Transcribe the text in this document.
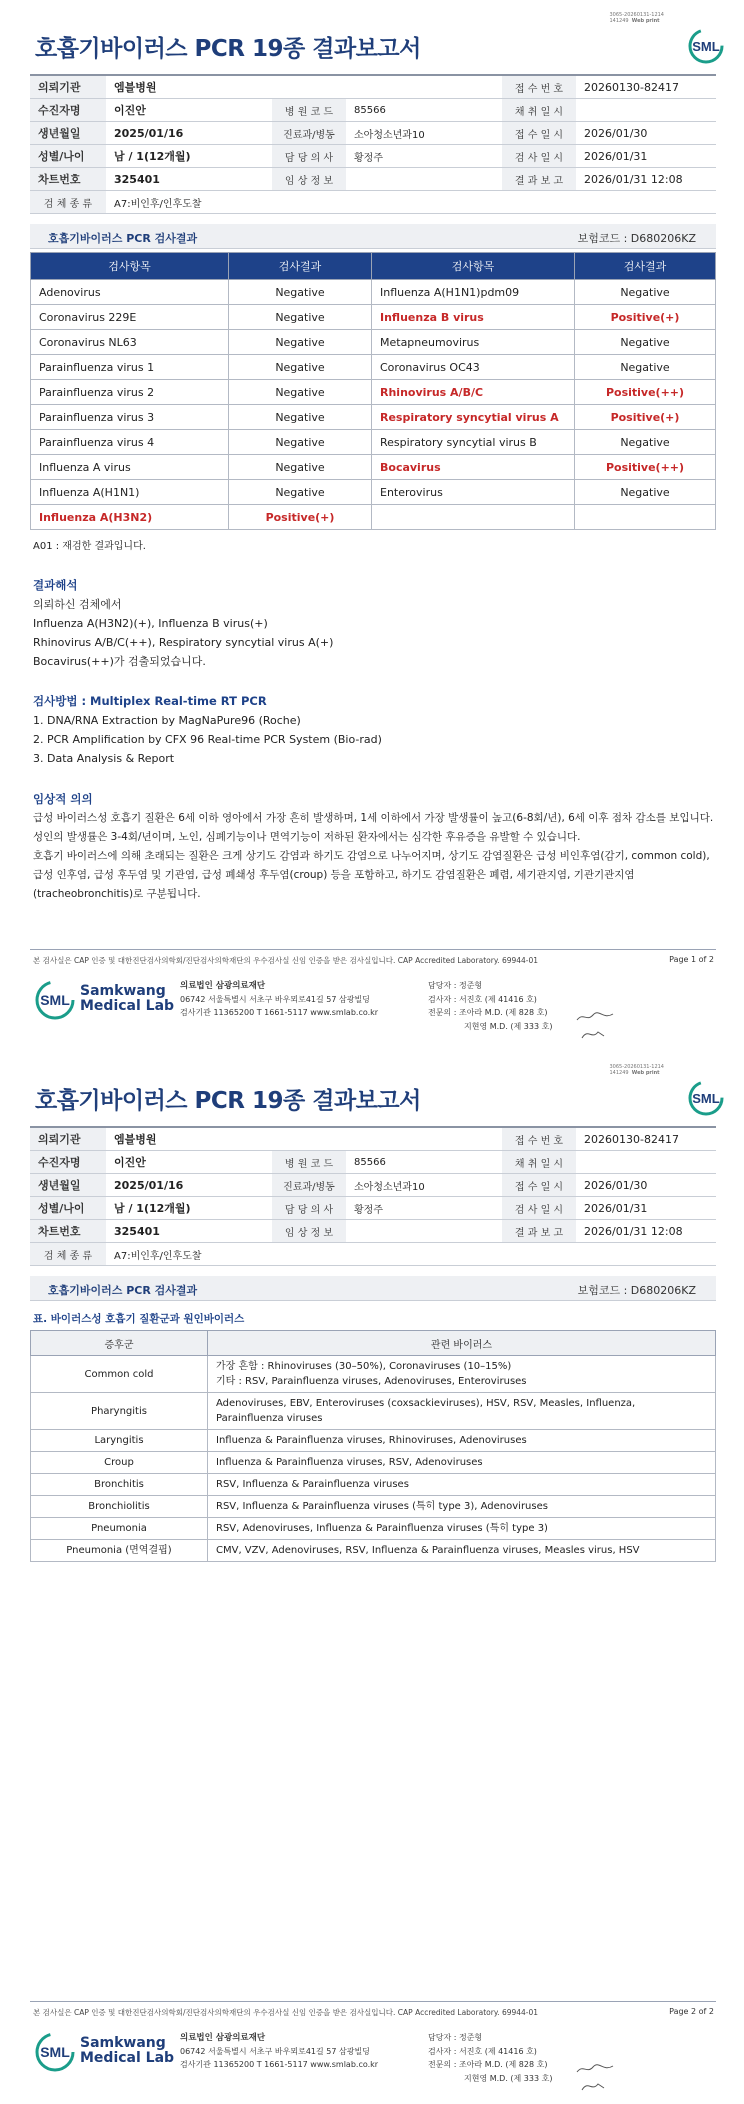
3065-20260131-1214
141249 Web print
호흡기바이러스 PCR 19종 결과보고서	SML
의뢰기관	엠블병원			접 수 번 호	20260130-82417
수진자명	이진안	병 원 코 드	85566	채 취 일 시	
생년월일	2025/01/16	진료과/병동	소아청소년과10	접 수 일 시	2026/01/30
성별/나이	남 / 1(12개월)	담 당 의 사	황정주	검 사 일 시	2026/01/31
차트번호	325401	임 상 정 보		결 과 보 고	2026/01/31 12:08
검 체 종 류	A7:비인후/인후도찰				
호흡기바이러스 PCR 검사결과	보험코드 : D680206KZ
검사항목	검사결과	검사항목	검사결과
Adenovirus	Negative	Influenza A(H1N1)pdm09	Negative
Coronavirus 229E	Negative	Influenza B virus	Positive(+)
Coronavirus NL63	Negative	Metapneumovirus	Negative
Parainfluenza virus 1	Negative	Coronavirus OC43	Negative
Parainfluenza virus 2	Negative	Rhinovirus A/B/C	Positive(++)
Parainfluenza virus 3	Negative	Respiratory syncytial virus A	Positive(+)
Parainfluenza virus 4	Negative	Respiratory syncytial virus B	Negative
Influenza A virus	Negative	Bocavirus	Positive(++)
Influenza A(H1N1)	Negative	Enterovirus	Negative
Influenza A(H3N2)	Positive(+)		
A01 : 재검한 결과입니다.
결과해석
의뢰하신 검체에서
Influenza A(H3N2)(+), Influenza B virus(+)
Rhinovirus A/B/C(++), Respiratory syncytial virus A(+)
Bocavirus(++)가 검출되었습니다.
검사방법 : Multiplex Real-time RT PCR
1. DNA/RNA Extraction by MagNaPure96 (Roche)
2. PCR Amplification by CFX 96 Real-time PCR System (Bio-rad)
3. Data Analysis & Report
임상적 의의
급성 바이러스성 호흡기 질환은 6세 이하 영아에서 가장 흔히 발생하며, 1세 이하에서 가장 발생률이 높고(6-8회/년), 6세 이후 점차 감소를 보입니다. 성인의 발생률은 3-4회/년이며, 노인, 심폐기능이나 면역기능이 저하된 환자에서는 심각한 후유증을 유발할 수 있습니다.
호흡기 바이러스에 의해 초래되는 질환은 크게 상기도 감염과 하기도 감염으로 나누어지며, 상기도 감염질환은 급성 비인후염(감기, common cold), 급성 인후염, 급성 후두염 및 기관염, 급성 폐쇄성 후두염(croup) 등을 포함하고, 하기도 감염질환은 폐렴, 세기관지염, 기관기관지염(tracheobronchitis)로 구분됩니다.
본 검사실은 CAP 인증 및 대한진단검사의학회/진단검사의학재단의 우수검사실 신임 인증을 받은 검사실입니다. CAP Accredited Laboratory. 69944-01	Page 1 of 2
SML
Samkwang
Medical Lab
의료법인 삼광의료재단
06742 서울특별시 서초구 바우뫼로41길 57 삼광빌딩
검사기관 11365200 T 1661-5117 www.smlab.co.kr
담당자 : 정준형
검사자 : 서진호 (제 41416 호)
전문의 : 조아라 M.D. (제 828 호)
지현영 M.D. (제 333 호)
3065-20260131-1214
141249 Web print
호흡기바이러스 PCR 19종 결과보고서	SML
의뢰기관	엠블병원			접 수 번 호	20260130-82417
수진자명	이진안	병 원 코 드	85566	채 취 일 시	
생년월일	2025/01/16	진료과/병동	소아청소년과10	접 수 일 시	2026/01/30
성별/나이	남 / 1(12개월)	담 당 의 사	황정주	검 사 일 시	2026/01/31
차트번호	325401	임 상 정 보		결 과 보 고	2026/01/31 12:08
검 체 종 류	A7:비인후/인후도찰				
호흡기바이러스 PCR 검사결과	보험코드 : D680206KZ
표. 바이러스성 호흡기 질환군과 원인바이러스
증후군	관련 바이러스
Common cold	가장 흔함 : Rhinoviruses (30–50%), Coronaviruses (10–15%)
기타 : RSV, Parainfluenza viruses, Adenoviruses, Enteroviruses

Pharyngitis	Adenoviruses, EBV, Enteroviruses (coxsackieviruses), HSV, RSV, Measles, Influenza,
Parainfluenza viruses

Laryngitis	Influenza & Parainfluenza viruses, Rhinoviruses, Adenoviruses

Croup	Influenza & Parainfluenza viruses, RSV, Adenoviruses

Bronchitis	RSV, Influenza & Parainfluenza viruses

Bronchiolitis	RSV, Influenza & Parainfluenza viruses (특히 type 3), Adenoviruses

Pneumonia	RSV, Adenoviruses, Influenza & Parainfluenza viruses (특히 type 3)

Pneumonia (면역결핍)	CMV, VZV, Adenoviruses, RSV, Influenza & Parainfluenza viruses, Measles virus, HSV
본 검사실은 CAP 인증 및 대한진단검사의학회/진단검사의학재단의 우수검사실 신임 인증을 받은 검사실입니다. CAP Accredited Laboratory. 69944-01	Page 2 of 2
SML
Samkwang
Medical Lab
의료법인 삼광의료재단
06742 서울특별시 서초구 바우뫼로41길 57 삼광빌딩
검사기관 11365200 T 1661-5117 www.smlab.co.kr
담당자 : 정준형
검사자 : 서진호 (제 41416 호)
전문의 : 조아라 M.D. (제 828 호)
지현영 M.D. (제 333 호)
